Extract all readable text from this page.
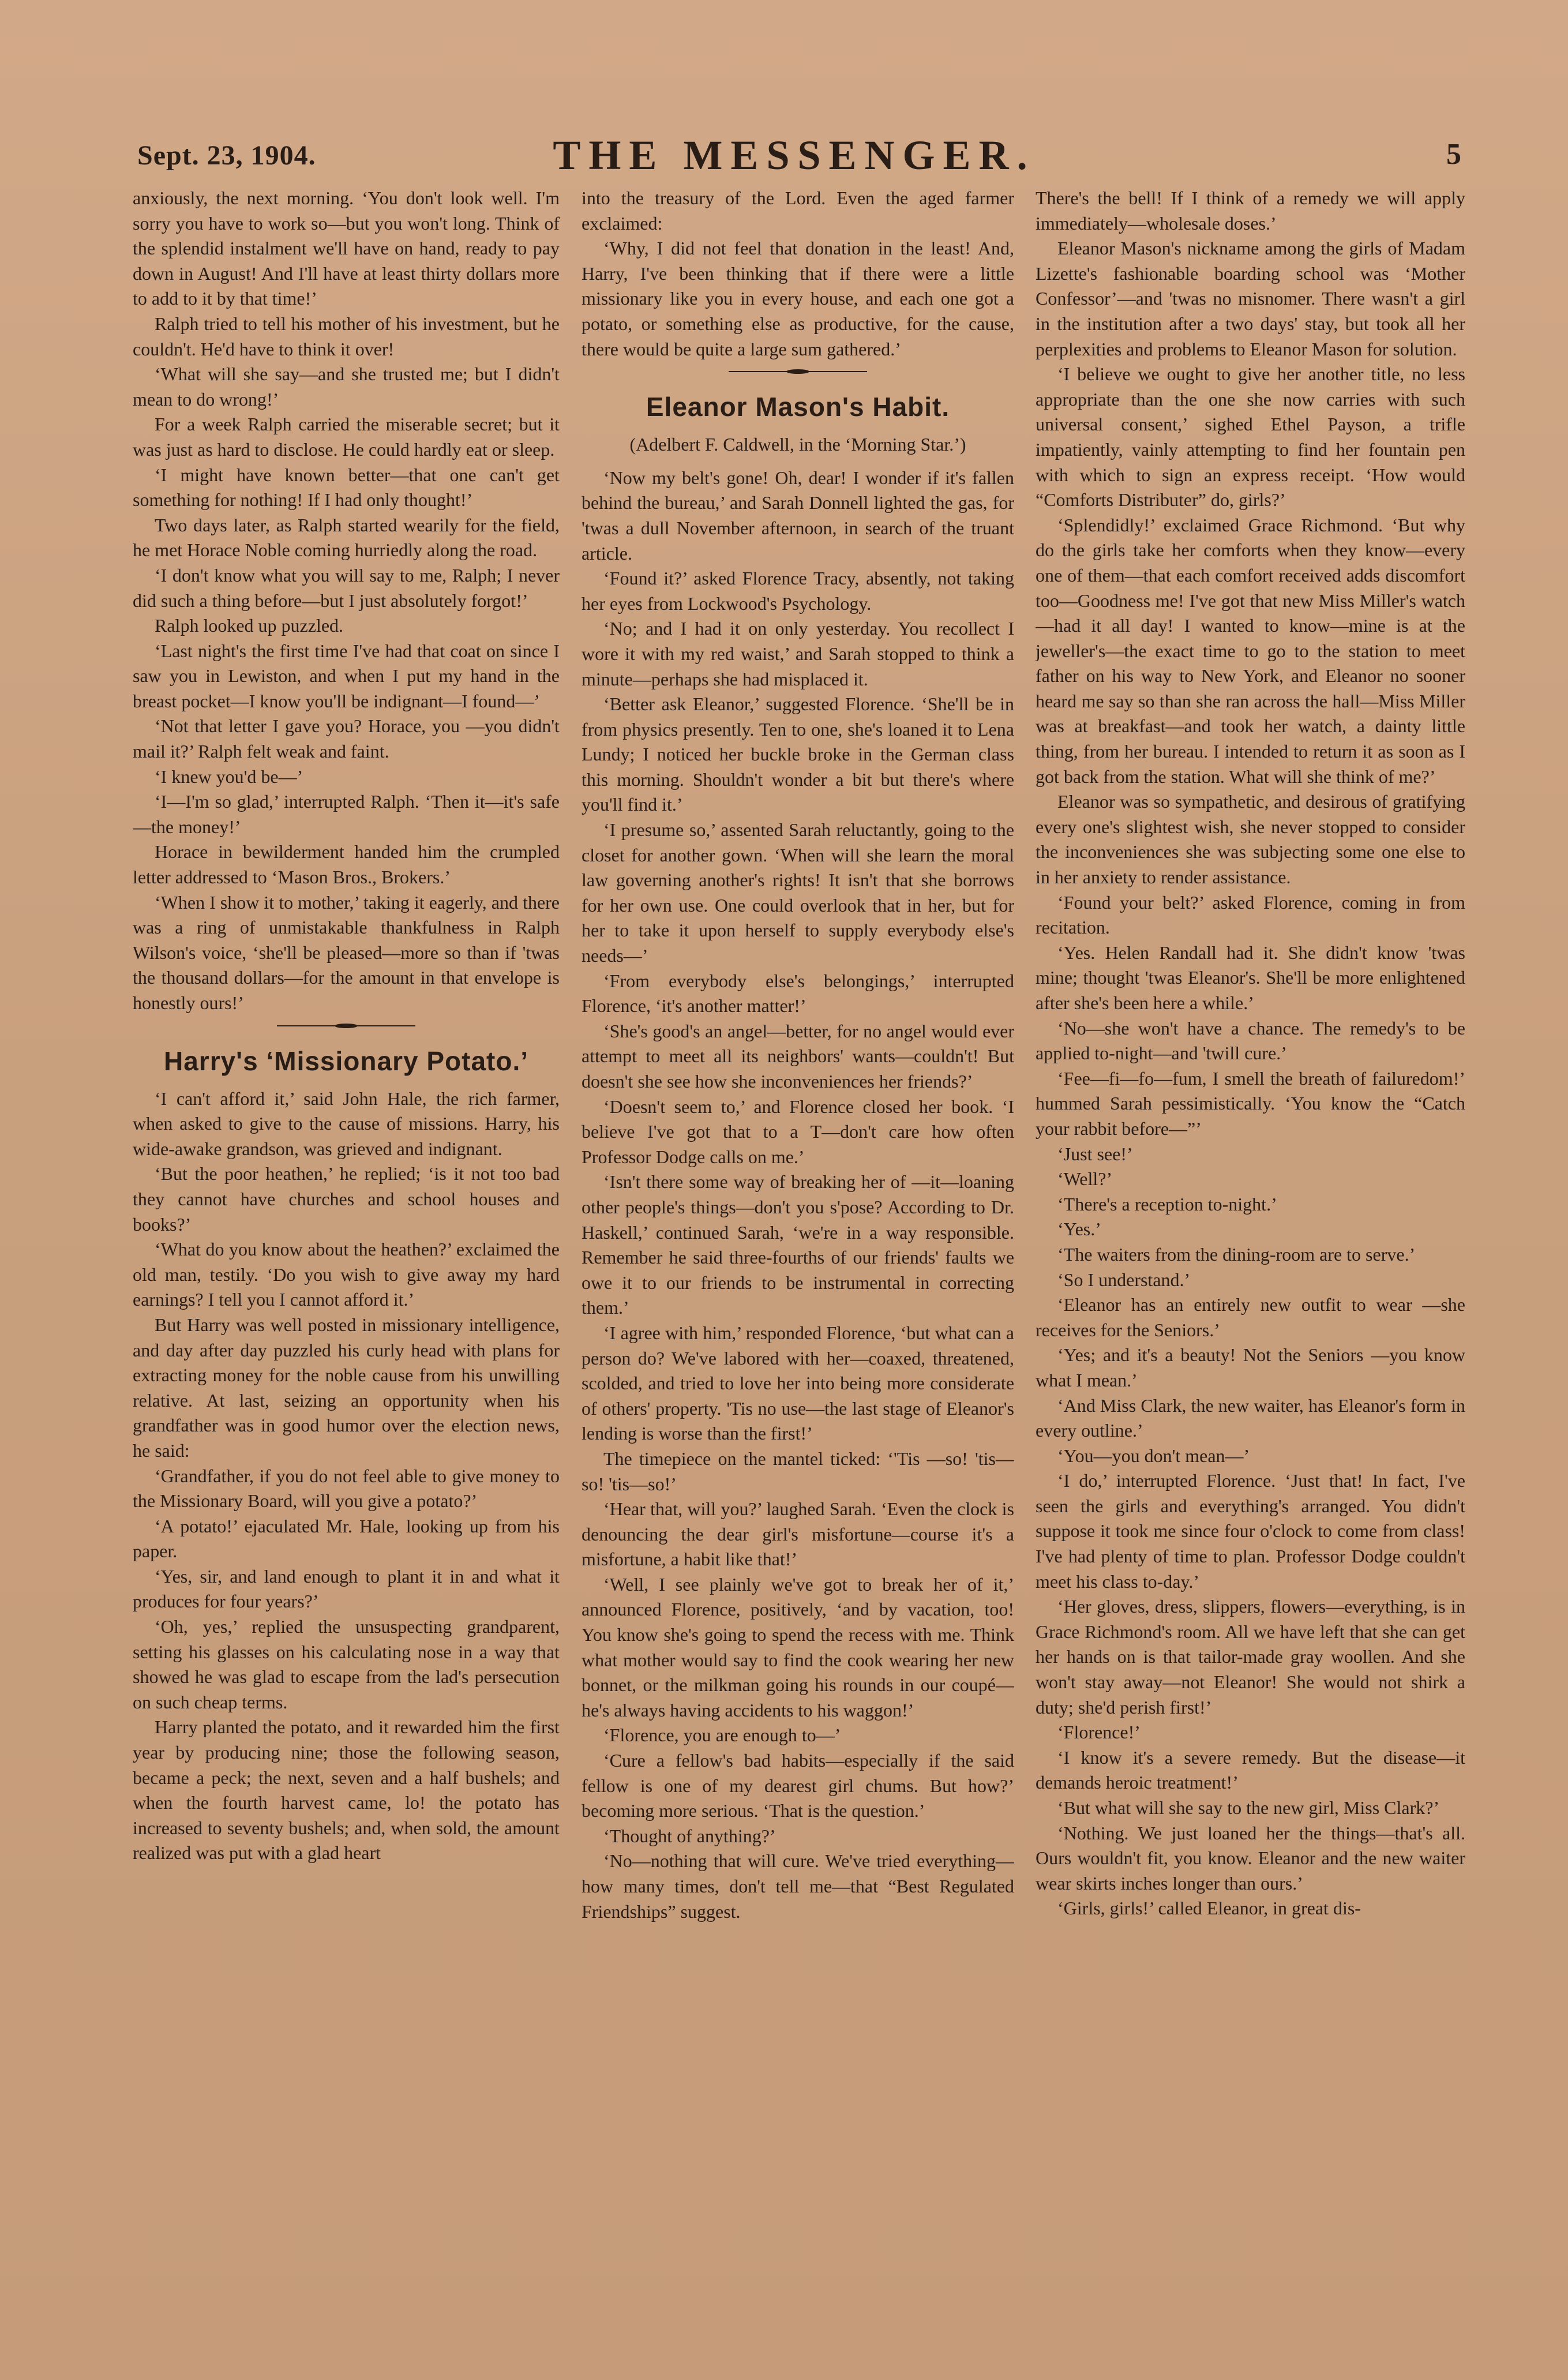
Sept. 23, 1904.	THE MESSENGER.	5

anxiously, the next morning. ‘You don't look well. I'm sorry you have to work so—but you won't long. Think of the splendid instalment we'll have on hand, ready to pay down in August! And I'll have at least thirty dollars more to add to it by that time!’

Ralph tried to tell his mother of his investment, but he couldn't. He'd have to think it over!

‘What will she say—and she trusted me; but I didn't mean to do wrong!’

For a week Ralph carried the miserable secret; but it was just as hard to disclose. He could hardly eat or sleep.

‘I might have known better—that one can't get something for nothing! If I had only thought!’

Two days later, as Ralph started wearily for the field, he met Horace Noble coming hurriedly along the road.

‘I don't know what you will say to me, Ralph; I never did such a thing before—but I just absolutely forgot!’

Ralph looked up puzzled.

‘Last night's the first time I've had that coat on since I saw you in Lewiston, and when I put my hand in the breast pocket—I know you'll be indignant—I found—’

‘Not that letter I gave you? Horace, you —you didn't mail it?’ Ralph felt weak and faint.

‘I knew you'd be—’

‘I—I'm so glad,’ interrupted Ralph. ‘Then it—it's safe—the money!’

Horace in bewilderment handed him the crumpled letter addressed to ‘Mason Bros., Brokers.’

‘When I show it to mother,’ taking it eagerly, and there was a ring of unmistakable thankfulness in Ralph Wilson's voice, ‘she'll be pleased—more so than if 'twas the thousand dollars—for the amount in that envelope is honestly ours!’

Harry's ‘Missionary Potato.’

‘I can't afford it,’ said John Hale, the rich farmer, when asked to give to the cause of missions. Harry, his wide-awake grandson, was grieved and indignant.

‘But the poor heathen,’ he replied; ‘is it not too bad they cannot have churches and school houses and books?’

‘What do you know about the heathen?’ exclaimed the old man, testily. ‘Do you wish to give away my hard earnings? I tell you I cannot afford it.’

But Harry was well posted in missionary intelligence, and day after day puzzled his curly head with plans for extracting money for the noble cause from his unwilling relative. At last, seizing an opportunity when his grandfather was in good humor over the election news, he said:

‘Grandfather, if you do not feel able to give money to the Missionary Board, will you give a potato?’

‘A potato!’ ejaculated Mr. Hale, looking up from his paper.

‘Yes, sir, and land enough to plant it in and what it produces for four years?’

‘Oh, yes,’ replied the unsuspecting grandparent, setting his glasses on his calculating nose in a way that showed he was glad to escape from the lad's persecution on such cheap terms.

Harry planted the potato, and it rewarded him the first year by producing nine; those the following season, became a peck; the next, seven and a half bushels; and when the fourth harvest came, lo! the potato has increased to seventy bushels; and, when sold, the amount realized was put with a glad heart

into the treasury of the Lord. Even the aged farmer exclaimed:

‘Why, I did not feel that donation in the least! And, Harry, I've been thinking that if there were a little missionary like you in every house, and each one got a potato, or something else as productive, for the cause, there would be quite a large sum gathered.’

Eleanor Mason's Habit.

(Adelbert F. Caldwell, in the ‘Morning Star.’)

‘Now my belt's gone! Oh, dear! I wonder if it's fallen behind the bureau,’ and Sarah Donnell lighted the gas, for 'twas a dull November afternoon, in search of the truant article.

‘Found it?’ asked Florence Tracy, absently, not taking her eyes from Lockwood's Psychology.

‘No; and I had it on only yesterday. You recollect I wore it with my red waist,’ and Sarah stopped to think a minute—perhaps she had misplaced it.

‘Better ask Eleanor,’ suggested Florence. ‘She'll be in from physics presently. Ten to one, she's loaned it to Lena Lundy; I noticed her buckle broke in the German class this morning. Shouldn't wonder a bit but there's where you'll find it.’

‘I presume so,’ assented Sarah reluctantly, going to the closet for another gown. ‘When will she learn the moral law governing another's rights! It isn't that she borrows for her own use. One could overlook that in her, but for her to take it upon herself to supply everybody else's needs—’

‘From everybody else's belongings,’ interrupted Florence, ‘it's another matter!’

‘She's good's an angel—better, for no angel would ever attempt to meet all its neighbors' wants—couldn't! But doesn't she see how she inconveniences her friends?’

‘Doesn't seem to,’ and Florence closed her book. ‘I believe I've got that to a T—don't care how often Professor Dodge calls on me.’

‘Isn't there some way of breaking her of —it—loaning other people's things—don't you s'pose? According to Dr. Haskell,’ continued Sarah, ‘we're in a way responsible. Remember he said three-fourths of our friends' faults we owe it to our friends to be instrumental in correcting them.’

‘I agree with him,’ responded Florence, ‘but what can a person do? We've labored with her—coaxed, threatened, scolded, and tried to love her into being more considerate of others' property. 'Tis no use—the last stage of Eleanor's lending is worse than the first!’

The timepiece on the mantel ticked: ‘'Tis —so! 'tis—so! 'tis—so!’

‘Hear that, will you?’ laughed Sarah. ‘Even the clock is denouncing the dear girl's misfortune—course it's a misfortune, a habit like that!’

‘Well, I see plainly we've got to break her of it,’ announced Florence, positively, ‘and by vacation, too! You know she's going to spend the recess with me. Think what mother would say to find the cook wearing her new bonnet, or the milkman going his rounds in our coupé—he's always having accidents to his waggon!’

‘Florence, you are enough to—’

‘Cure a fellow's bad habits—especially if the said fellow is one of my dearest girl chums. But how?’ becoming more serious. ‘That is the question.’

‘Thought of anything?’

‘No—nothing that will cure. We've tried everything—how many times, don't tell me—that “Best Regulated Friendships” suggest.

There's the bell! If I think of a remedy we will apply immediately—wholesale doses.’

Eleanor Mason's nickname among the girls of Madam Lizette's fashionable boarding school was ‘Mother Confessor’—and 'twas no misnomer. There wasn't a girl in the institution after a two days' stay, but took all her perplexities and problems to Eleanor Mason for solution.

‘I believe we ought to give her another title, no less appropriate than the one she now carries with such universal consent,’ sighed Ethel Payson, a trifle impatiently, vainly attempting to find her fountain pen with which to sign an express receipt. ‘How would “Comforts Distributer” do, girls?’

‘Splendidly!’ exclaimed Grace Richmond. ‘But why do the girls take her comforts when they know—every one of them—that each comfort received adds discomfort too—Goodness me! I've got that new Miss Miller's watch—had it all day! I wanted to know—mine is at the jeweller's—the exact time to go to the station to meet father on his way to New York, and Eleanor no sooner heard me say so than she ran across the hall—Miss Miller was at breakfast—and took her watch, a dainty little thing, from her bureau. I intended to return it as soon as I got back from the station. What will she think of me?’

Eleanor was so sympathetic, and desirous of gratifying every one's slightest wish, she never stopped to consider the inconveniences she was subjecting some one else to in her anxiety to render assistance.

‘Found your belt?’ asked Florence, coming in from recitation.

‘Yes. Helen Randall had it. She didn't know 'twas mine; thought 'twas Eleanor's. She'll be more enlightened after she's been here a while.’

‘No—she won't have a chance. The remedy's to be applied to-night—and 'twill cure.’

‘Fee—fi—fo—fum, I smell the breath of failuredom!’ hummed Sarah pessimistically. ‘You know the “Catch your rabbit before—”’

‘Just see!’

‘Well?’

‘There's a reception to-night.’

‘Yes.’

‘The waiters from the dining-room are to serve.’

‘So I understand.’

‘Eleanor has an entirely new outfit to wear —she receives for the Seniors.’

‘Yes; and it's a beauty! Not the Seniors —you know what I mean.’

‘And Miss Clark, the new waiter, has Eleanor's form in every outline.’

‘You—you don't mean—’

‘I do,’ interrupted Florence. ‘Just that! In fact, I've seen the girls and everything's arranged. You didn't suppose it took me since four o'clock to come from class! I've had plenty of time to plan. Professor Dodge couldn't meet his class to-day.’

‘Her gloves, dress, slippers, flowers—everything, is in Grace Richmond's room. All we have left that she can get her hands on is that tailor-made gray woollen. And she won't stay away—not Eleanor! She would not shirk a duty; she'd perish first!’

‘Florence!’

‘I know it's a severe remedy. But the disease—it demands heroic treatment!’

‘But what will she say to the new girl, Miss Clark?’

‘Nothing. We just loaned her the things—that's all. Ours wouldn't fit, you know. Eleanor and the new waiter wear skirts inches longer than ours.’

‘Girls, girls!’ called Eleanor, in great dis-
